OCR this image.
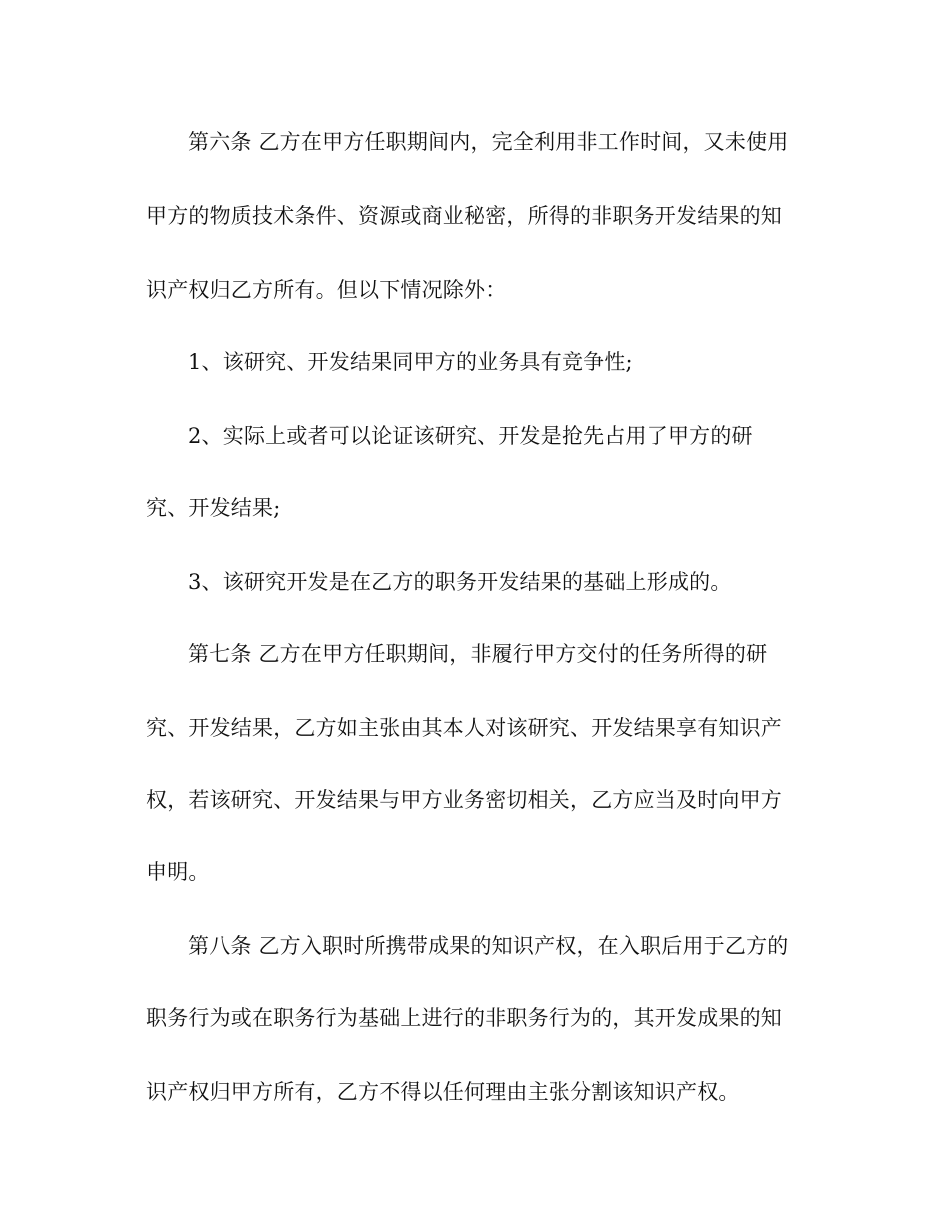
第六条 乙方在甲方任职期间内，完全利用非工作时间，又未使用
甲方的物质技术条件、资源或商业秘密，所得的非职务开发结果的知
识产权归乙方所有。但以下情况除外：
1、该研究、开发结果同甲方的业务具有竞争性;
2、实际上或者可以论证该研究、开发是抢先占用了甲方的研
究、开发结果;
3、该研究开发是在乙方的职务开发结果的基础上形成的。
第七条 乙方在甲方任职期间，非履行甲方交付的任务所得的研
究、开发结果，乙方如主张由其本人对该研究、开发结果享有知识产
权，若该研究、开发结果与甲方业务密切相关，乙方应当及时向甲方
申明。
第八条 乙方入职时所携带成果的知识产权，在入职后用于乙方的
职务行为或在职务行为基础上进行的非职务行为的，其开发成果的知
识产权归甲方所有，乙方不得以任何理由主张分割该知识产权。
